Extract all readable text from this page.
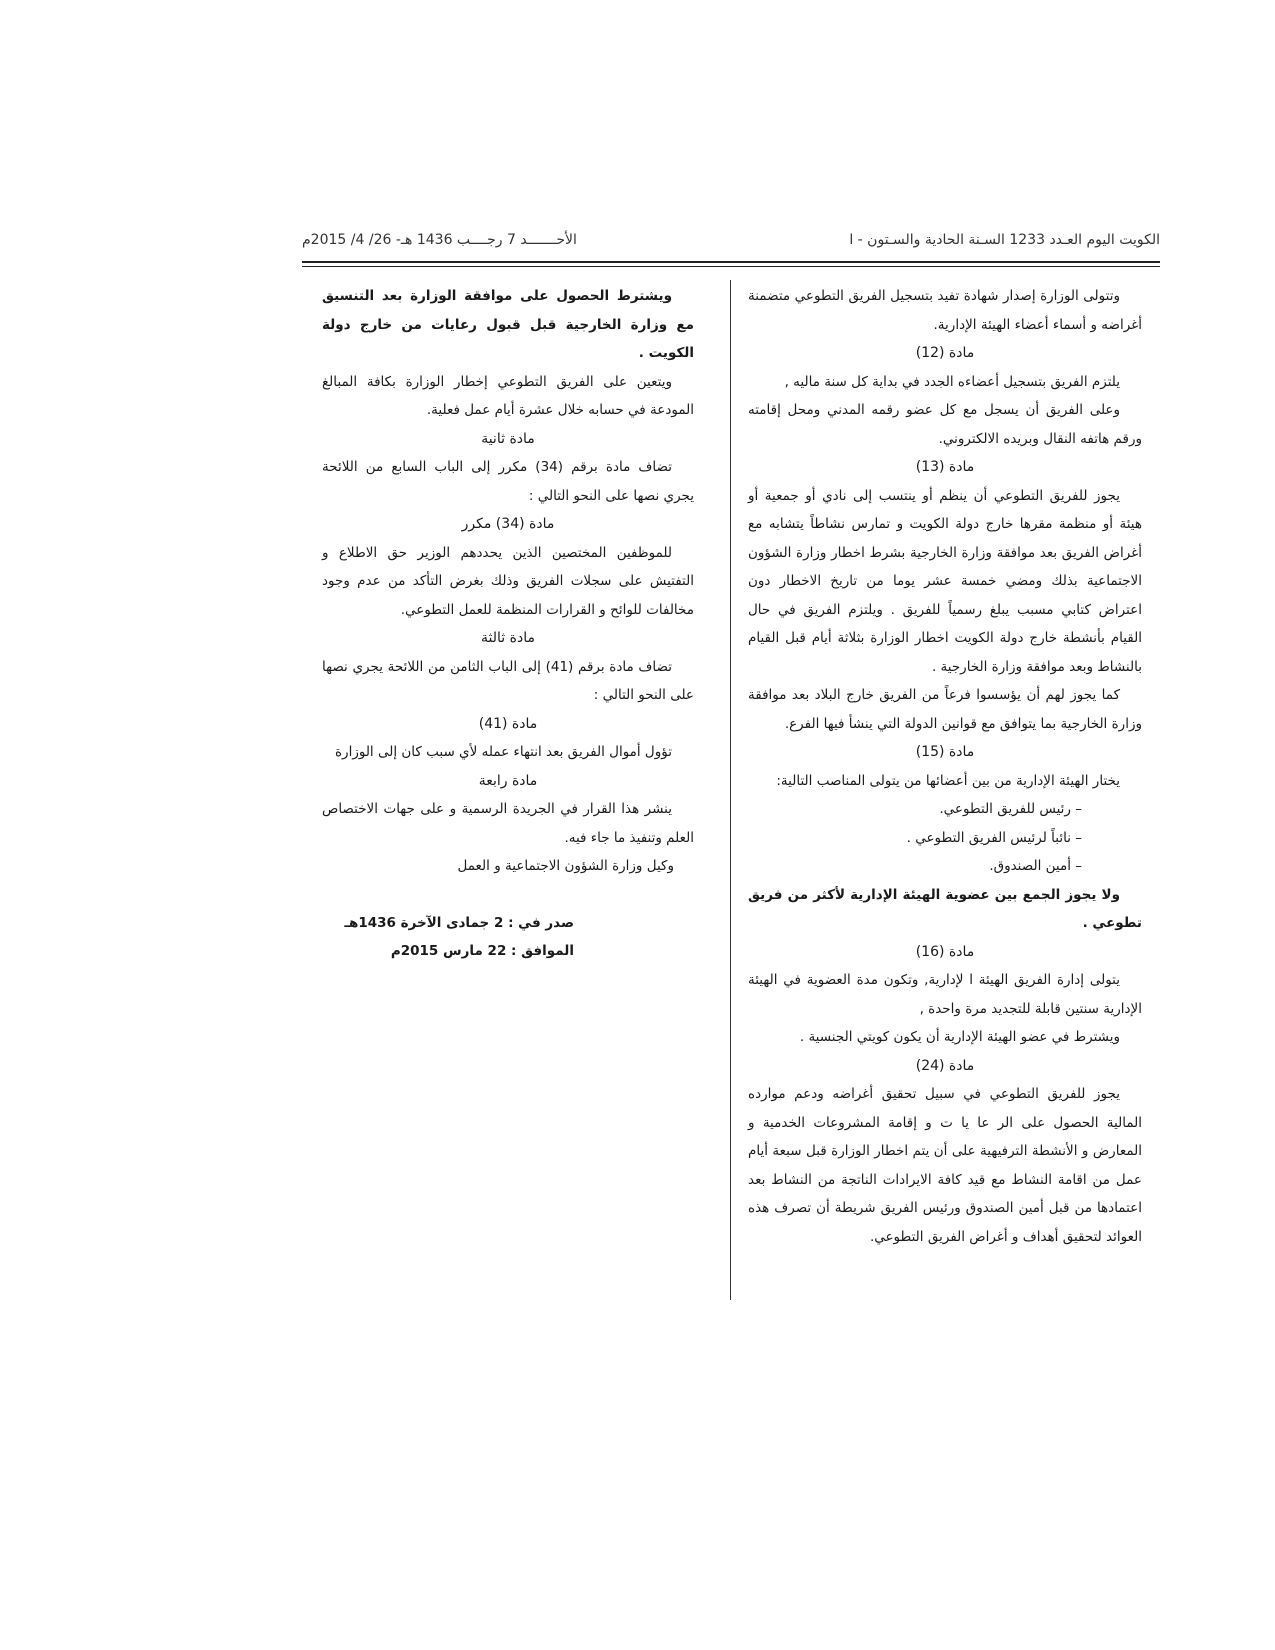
الكويت اليوم العـدد 1233 السـنة الحادية والسـتون - ا
الأحـــــــد 7 رجــــب 1436 هـ- 26/ 4/ 2015م

وتتولى الوزارة إصدار شهادة تفيد بتسجيل الفريق التطوعي متضمنة أغراضه و أسماء أعضاء الهيئة الإدارية.

مادة (12)

يلتزم الفريق بتسجيل أعضاءه الجدد في بداية كل سنة ماليه ,

وعلى الفريق أن يسجل مع كل عضو رقمه المدني ومحل إقامته ورقم هاتفه النقال وبريده الالكتروني.

مادة (13)

يجوز للفريق التطوعي أن ينظم أو ينتسب إلى نادي أو جمعية أو هيئة أو منظمة مقرها خارج دولة الكويت و تمارس نشاطاً يتشابه مع أغراض الفريق بعد موافقة وزارة الخارجية بشرط اخطار وزارة الشؤون الاجتماعية بذلك ومضي خمسة عشر يوما من تاريخ الاخطار دون اعتراض كتابي مسبب يبلغ رسمياً للفريق . ويلتزم الفريق في حال القيام بأنشطة خارج دولة الكويت اخطار الوزارة بثلاثة أيام قبل القيام بالنشاط وبعد موافقة وزارة الخارجية .

كما يجوز لهم أن يؤسسوا فرعاً من الفريق خارج البلاد بعد موافقة وزارة الخارجية بما يتوافق مع قوانين الدولة التي ينشأ فيها الفرع.

مادة (15)

يختار الهيئة الإدارية من بين أعضائها من يتولى المناصب التالية:

– رئيس للفريق التطوعي.

– نائباً لرئيس الفريق التطوعي .

– أمين الصندوق.

ولا يجوز الجمع بين عضوية الهيئة الإدارية لأكثر من فريق تطوعي .

مادة (16)

يتولى إدارة الفريق الهيئة ا لإدارية, وتكون مدة العضوية في الهيئة الإدارية سنتين قابلة للتجديد مرة واحدة ,

ويشترط في عضو الهيئة الإدارية أن يكون كويتي الجنسية .

مادة (24)

يجوز للفريق التطوعي في سبيل تحقيق أغراضه ودعم موارده المالية الحصول على الر عا يا ت و إقامة المشروعات الخدمية و المعارض و الأنشطة الترفيهية على أن يتم اخطار الوزارة قبل سبعة أيام عمل من اقامة النشاط مع قيد كافة الايرادات الناتجة من النشاط بعد اعتمادها من قبل أمين الصندوق ورئيس الفريق شريطة أن تصرف هذه العوائد لتحقيق أهداف و أغراض الفريق التطوعي.

ويشترط الحصول على موافقة الوزارة بعد التنسيق مع وزارة الخارجية قبل قبول رعايات من خارج دولة الكويت .

ويتعين على الفريق التطوعي إخطار الوزارة بكافة المبالغ المودعة في حسابه خلال عشرة أيام عمل فعلية.

مادة ثانية

تضاف مادة برقم (34) مكرر إلى الباب السابع من اللائحة يجري نصها على النحو التالي :

مادة (34) مكرر

للموظفين المختصين الذين يحددهم الوزير حق الاطلاع و التفتيش على سجلات الفريق وذلك بغرض التأكد من عدم وجود مخالفات للوائح و القرارات المنظمة للعمل التطوعي.

مادة ثالثة

تضاف مادة برقم (41) إلى الباب الثامن من اللائحة يجري نصها على النحو التالي :

مادة (41)

تؤول أموال الفريق بعد انتهاء عمله لأي سبب كان إلى الوزارة

مادة رابعة

ينشر هذا القرار في الجريدة الرسمية و على جهات الاختصاص العلم وتنفيذ ما جاء فيه.

وكيل وزارة الشؤون الاجتماعية و العمل

صدر في : 2 جمادى الآخرة 1436هـ

الموافق : 22 مارس 2015م
